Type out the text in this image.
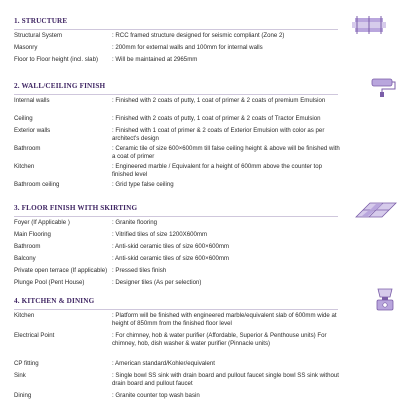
1. STRUCTURE
Structural System	: RCC framed structure designed for seismic compliant (Zone 2)
Masonry	: 200mm for external walls and 100mm for internal walls
Floor to Floor height (incl. slab) : Will be maintained at 2965mm
2. WALL/CEILING FINISH
Internal walls	: Finished with 2 coats of putty, 1 coat of primer & 2 coats of premium Emulsion
Ceiling	: Finished with 2 coats of putty, 1 coat of primer & 2 coats of Tractor Emulsion
Exterior walls	: Finished with 1 coat of primer & 2 coats of Exterior Emulsion with color as per architect's design
Bathroom	: Ceramic tile of size 600×600mm till false ceiling height & above will be finished with a coat of primer
Kitchen	: Engineered marble / Equivalent for a height of 600mm above the counter top finished level
Bathroom ceiling	: Grid type false ceiling
3. FLOOR FINISH WITH SKIRTING
Foyer (If Applicable )	: Granite flooring
Main Flooring	: Vitrified tiles of size 1200X600mm
Bathroom	: Anti-skid ceramic tiles of size 600×600mm
Balcony	: Anti-skid ceramic tiles of size 600×600mm
Private open terrace (If applicable) : Pressed tiles finish
Plunge Pool (Pent House)	: Designer tiles (As per selection)
4. KITCHEN & DINING
Kitchen	: Platform will be finished with engineered marble/equivalent slab of 600mm wide at height of 850mm from the finished floor level
Electrical Point	: For chimney, hob & water purifier (Affordable, Superior & Penthouse units) For chimney, hob, dish washer & water purifier (Pinnacle units)
CP fitting	: American standard/Kohler/equivalent
Sink	: Single bowl SS sink with drain board and pullout faucet single bowl SS sink without drain board and pullout faucet
Dining	: Granite counter top wash basin
